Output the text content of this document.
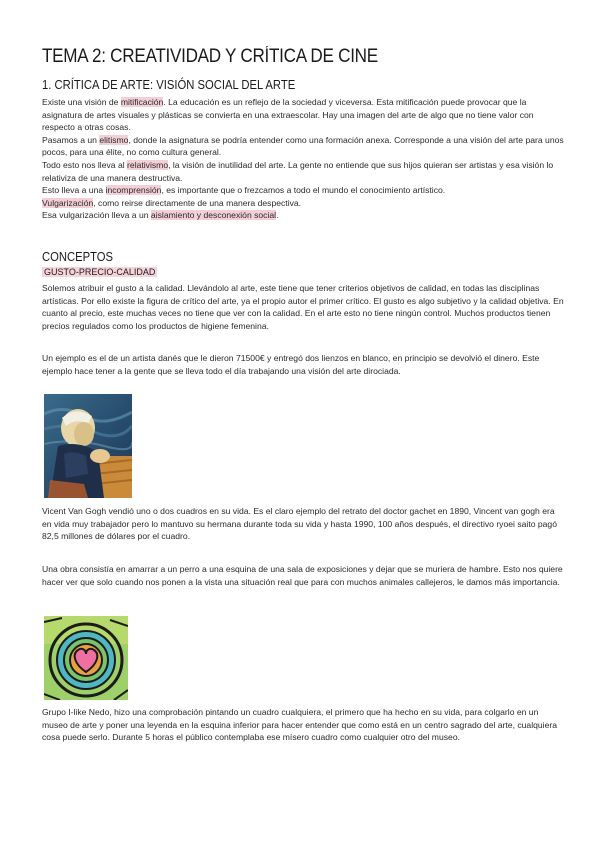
TEMA 2: CREATIVIDAD Y CRÍTICA DE CINE
1. CRÍTICA DE ARTE: VISIÓN SOCIAL DEL ARTE

Existe una visión de mitificación. La educación es un reflejo de la sociedad y viceversa. Esta mitificación puede provocar que la asignatura de artes visuales y plásticas se convierta en una extraescolar. Hay una imagen del arte de algo que no tiene valor con respecto a otras cosas.

Pasamos a un elitismo, donde la asignatura se podría entender como una formación anexa. Corresponde a una visión del arte para unos pocos, para una élite, no como cultura general.

Todo esto nos lleva al relativismo, la visión de inutilidad del arte. La gente no entiende que sus hijos quieran ser artistas y esa visión lo relativiza de una manera destructiva.

Esto lleva a una incomprensión, es importante que o frezcamos a todo el mundo el conocimiento artístico.

Vulgarización, como reirse directamente de una manera despectiva.

Esa vulgarización lleva a un aislamiento y desconexión social.

CONCEPTOS
GUSTO-PRECIO-CALIDAD
Solemos atribuir el gusto a la calidad. Llevándolo al arte, este tiene que tener criterios objetivos de calidad, en todas las disciplinas artísticas. Por ello existe la figura de crítico del arte, ya el propio autor el primer crítico. El gusto es algo subjetivo y la calidad objetiva. En cuanto al precio, este muchas veces no tiene que ver con la calidad. En el arte esto no tiene ningún control. Muchos productos tienen precios regulados como los productos de higiene femenina.
Un ejemplo es el de un artista danés que le dieron 71500€ y entregó dos lienzos en blanco, en principio se devolvió el dinero. Este ejemplo hace tener a la gente que se lleva todo el día trabajando una visión del arte dirociada.
Vicent Van Gogh vendió uno o dos cuadros en su vida. Es el claro ejemplo del retrato del doctor gachet en 1890, Vincent van gogh era en vida muy trabajador pero lo mantuvo su hermana durante toda su vida y hasta 1990, 100 años después, el directivo ryoei saito pagó 82,5 millones de dólares por el cuadro.
Una obra consistía en amarrar a un perro a una esquina de una sala de exposiciones y dejar que se muriera de hambre. Esto nos quiere hacer ver que solo cuando nos ponen a la vista una situación real que para con muchos animales callejeros, le damos más importancia.
Grupo I-like Nedo, hizo una comprobación pintando un cuadro cualquiera, el primero que ha hecho en su vida, para colgarlo en un museo de arte y poner una leyenda en la esquina inferior para hacer entender que como está en un centro sagrado del arte, cualquiera cosa puede serlo. Durante 5 horas el público contemplaba ese mísero cuadro como cualquier otro del museo.
